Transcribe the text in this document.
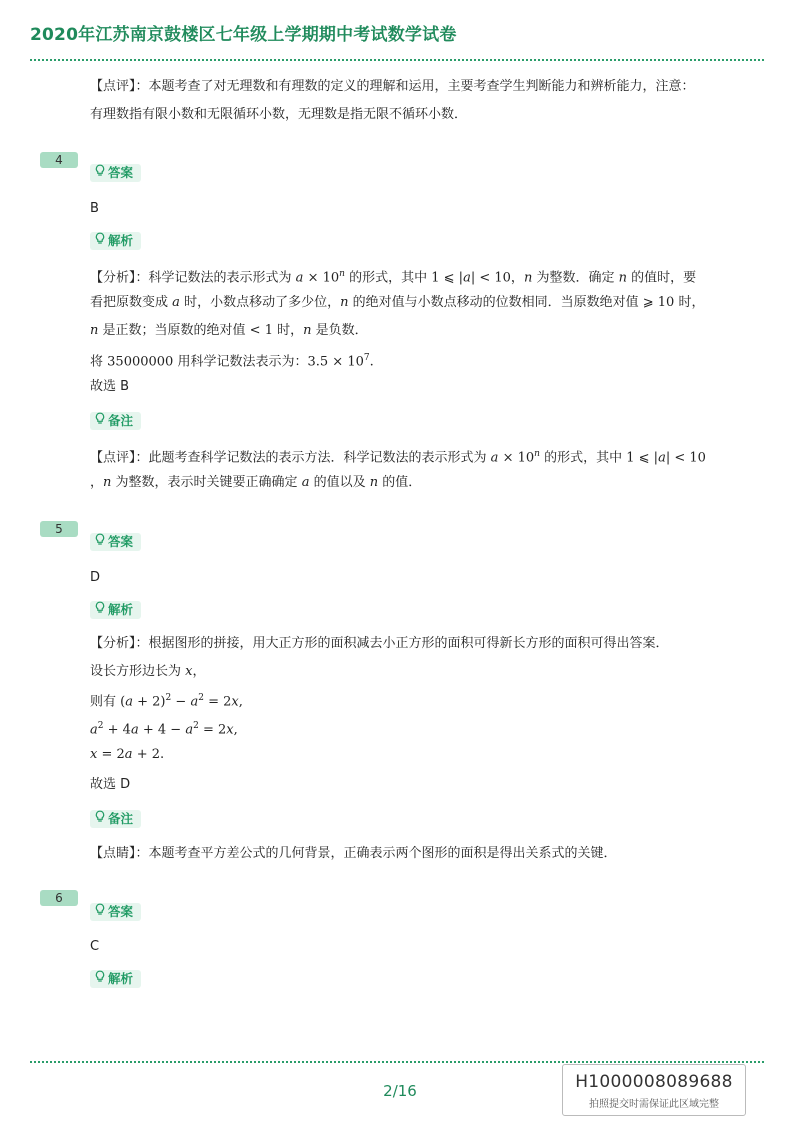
2020年江苏南京鼓楼区七年级上学期期中考试数学试卷
【点评】：本题考查了对无理数和有理数的定义的理解和运用，主要考查学生判断能力和辨析能力，注意：
有理数指有限小数和无限循环小数，无理数是指无限不循环小数．
4
答案
B
解析
【分析】：科学记数法的表示形式为 $a \times 10^n$ 的形式，其中 1 ⩽ |a| < 10，n 为整数．确定 n 的值时，要
看把原数变成 a 时，小数点移动了多少位，n 的绝对值与小数点移动的位数相同．当原数绝对值 ⩾ 10 时，
n 是正数；当原数的绝对值 < 1 时，n 是负数．
将 35000000 用科学记数法表示为：$3.5 \times 10^7$.
故选 B
备注
【点评】：此题考查科学记数法的表示方法．科学记数法的表示形式为 $a \times 10^n$ 的形式，其中 1 ⩽ |a| < 10
，n 为整数，表示时关键要正确确定 a 的值以及 n 的值．
5
答案
D
解析
【分析】：根据图形的拼接，用大正方形的面积减去小正方形的面积可得新长方形的面积可得出答案．
设长方形边长为 x，
则有 $(a + 2)^2 - a^2 = 2x$,
$a^2 + 4a + 4 - a^2 = 2x$,
x = 2a + 2.
故选 D
备注
【点睛】：本题考查平方差公式的几何背景，正确表示两个图形的面积是得出关系式的关键．
6
答案
C
解析
2/16	H1000008089688
拍照提交时需保证此区域完整
